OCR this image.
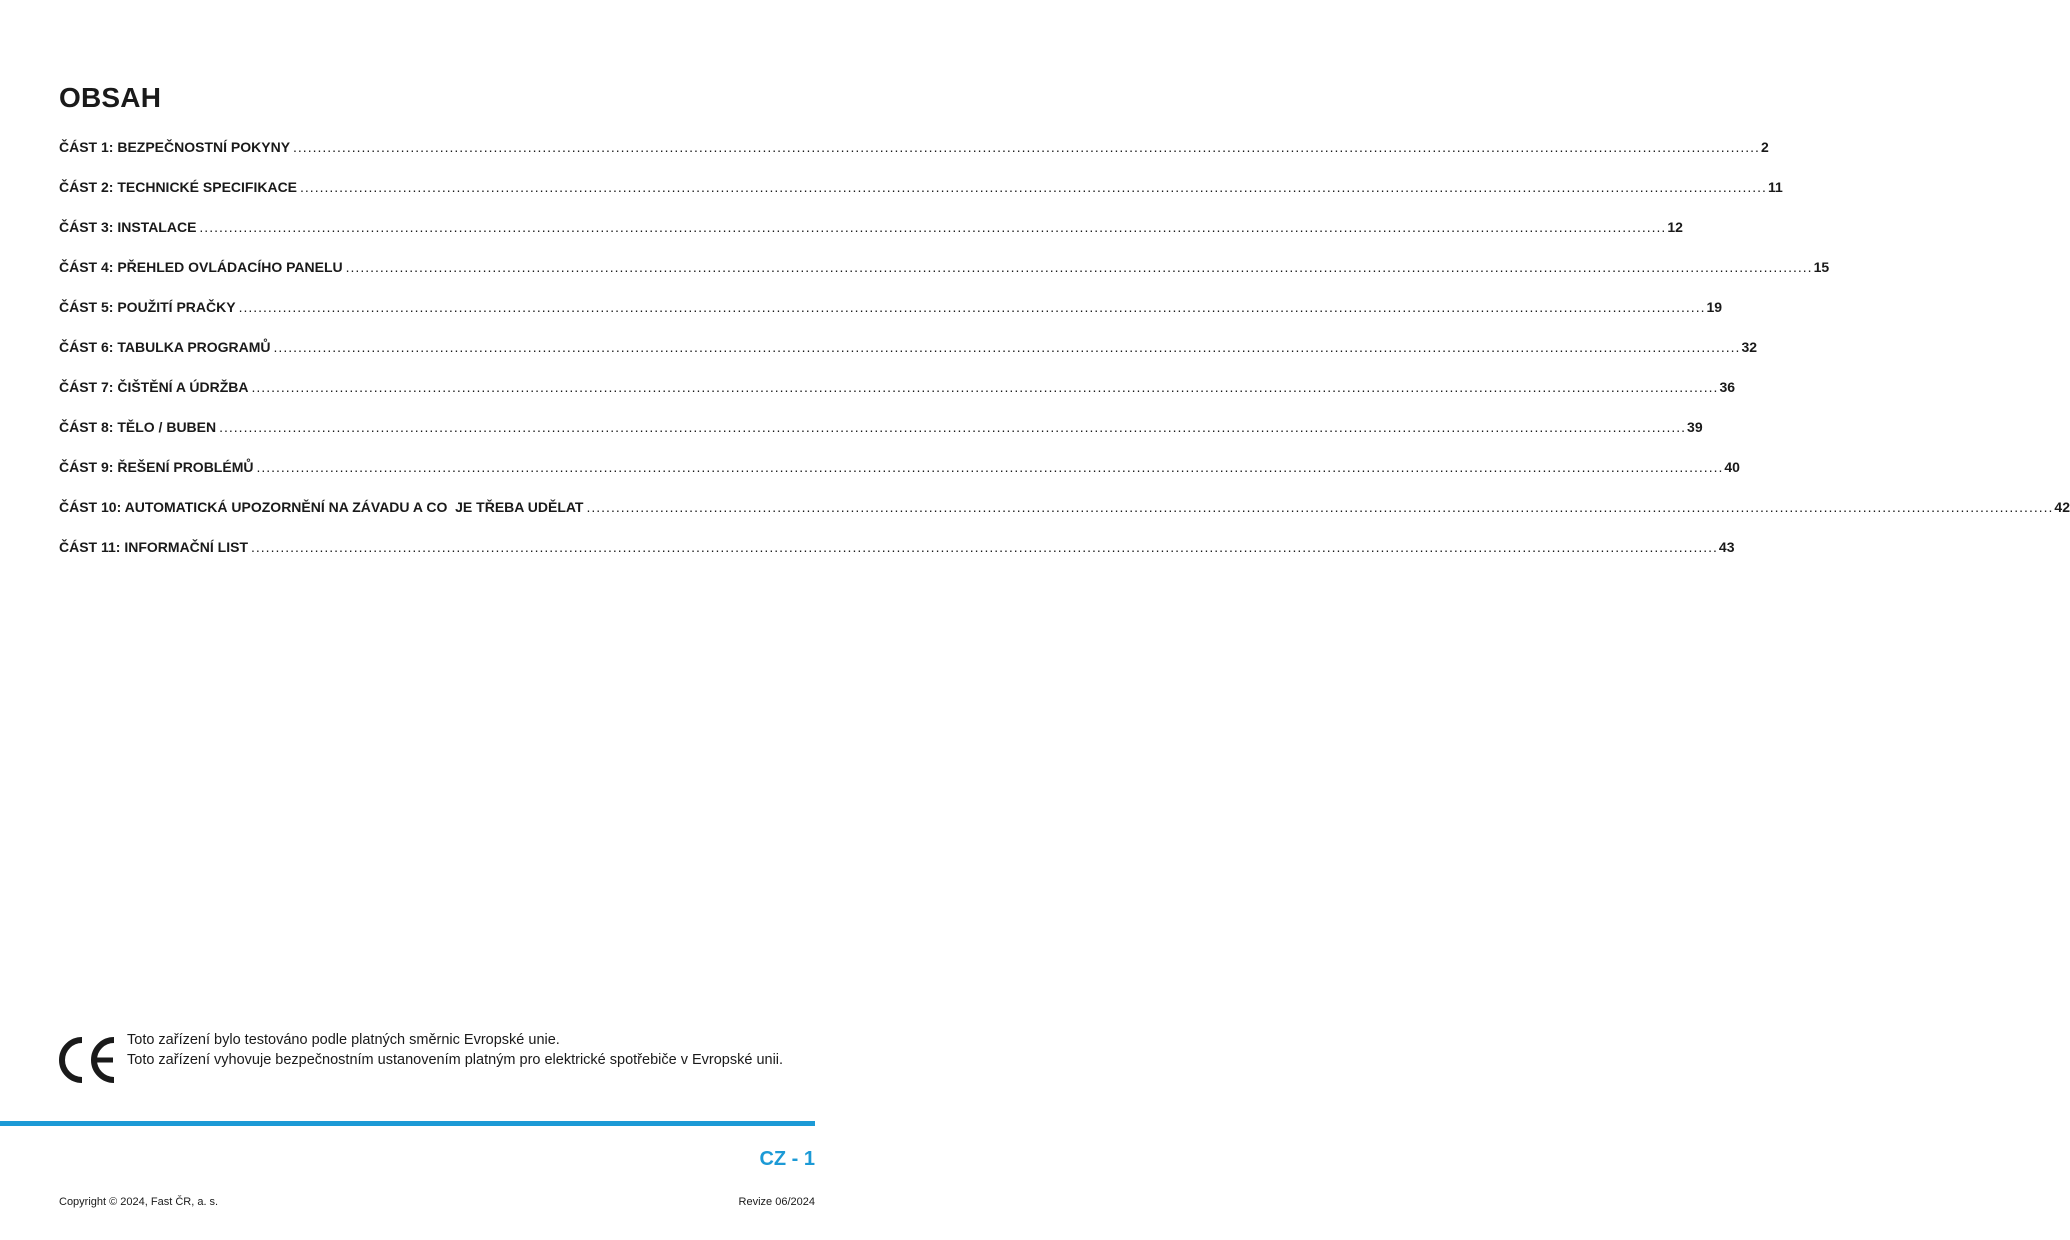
OBSAH
ČÁST 1: BEZPEČNOSTNÍ POKYNY ............................................................................................................................................................................................................................................................................................................ 2
ČÁST 2: TECHNICKÉ SPECIFIKACE ............................................................................................................................................................................................................................................................................................................ 11
ČÁST 3: INSTALACE ............................................................................................................................................................................................................................................................................................................ 12
ČÁST 4: PŘEHLED OVLÁDACÍHO PANELU ............................................................................................................................................................................................................................................................................................................ 15
ČÁST 5: POUŽITÍ PRAČKY ............................................................................................................................................................................................................................................................................................................ 19
ČÁST 6: TABULKA PROGRAMŮ ............................................................................................................................................................................................................................................................................................................ 32
ČÁST 7: ČIŠTĚNÍ A ÚDRŽBA ............................................................................................................................................................................................................................................................................................................ 36
ČÁST 8: TĚLO / BUBEN ............................................................................................................................................................................................................................................................................................................ 39
ČÁST 9: ŘEŠENÍ PROBLÉMŮ ............................................................................................................................................................................................................................................................................................................ 40
ČÁST 10: AUTOMATICKÁ UPOZORNĚNÍ NA ZÁVADU A CO  JE TŘEBA UDĚLAT ............................................................................................................................................................................................................................................................................................................ 42
ČÁST 11: INFORMAČNÍ LIST ............................................................................................................................................................................................................................................................................................................ 43
Toto zařízení bylo testováno podle platných směrnic Evropské unie.
Toto zařízení vyhovuje bezpečnostním ustanovením platným pro elektrické spotřebiče v Evropské unii.
CZ - 1
Copyright © 2024, Fast ČR, a. s.	Revize 06/2024
